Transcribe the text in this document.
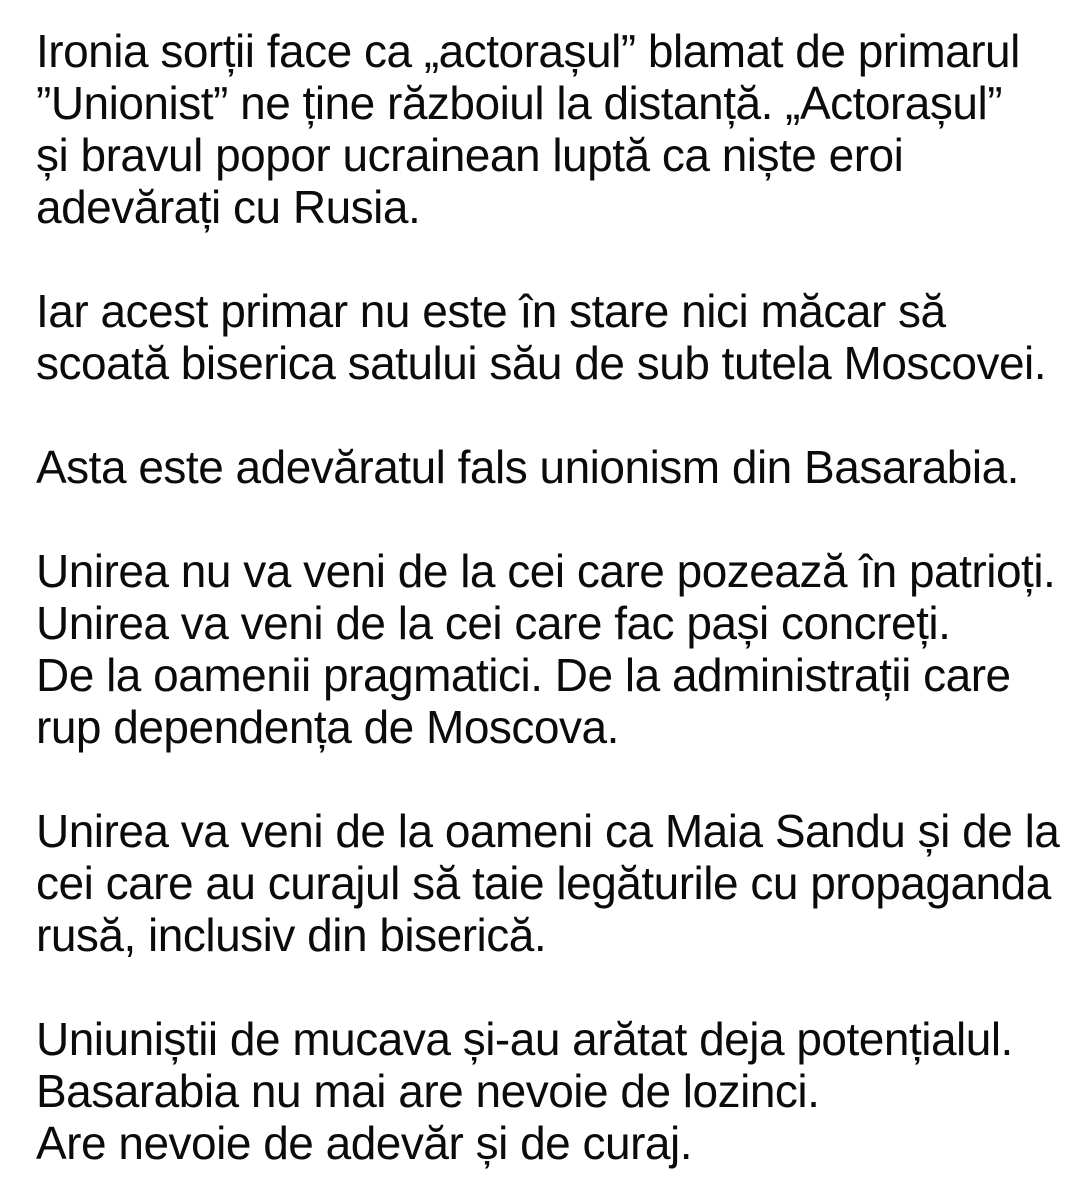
Ironia sorții face ca „actorașul” blamat de primarul
”Unionist” ne ține războiul la distanță. „Actorașul”
și bravul popor ucrainean luptă ca niște eroi
adevărați cu Rusia.

Iar acest primar nu este în stare nici măcar să
scoată biserica satului său de sub tutela Moscovei.

Asta este adevăratul fals unionism din Basarabia.

Unirea nu va veni de la cei care pozează în patrioți.
Unirea va veni de la cei care fac pași concreți.
De la oamenii pragmatici. De la administrații care
rup dependența de Moscova.

Unirea va veni de la oameni ca Maia Sandu și de la
cei care au curajul să taie legăturile cu propaganda
rusă, inclusiv din biserică.

Uniuniștii de mucava și-au arătat deja potențialul.
Basarabia nu mai are nevoie de lozinci.
Are nevoie de adevăr și de curaj.
